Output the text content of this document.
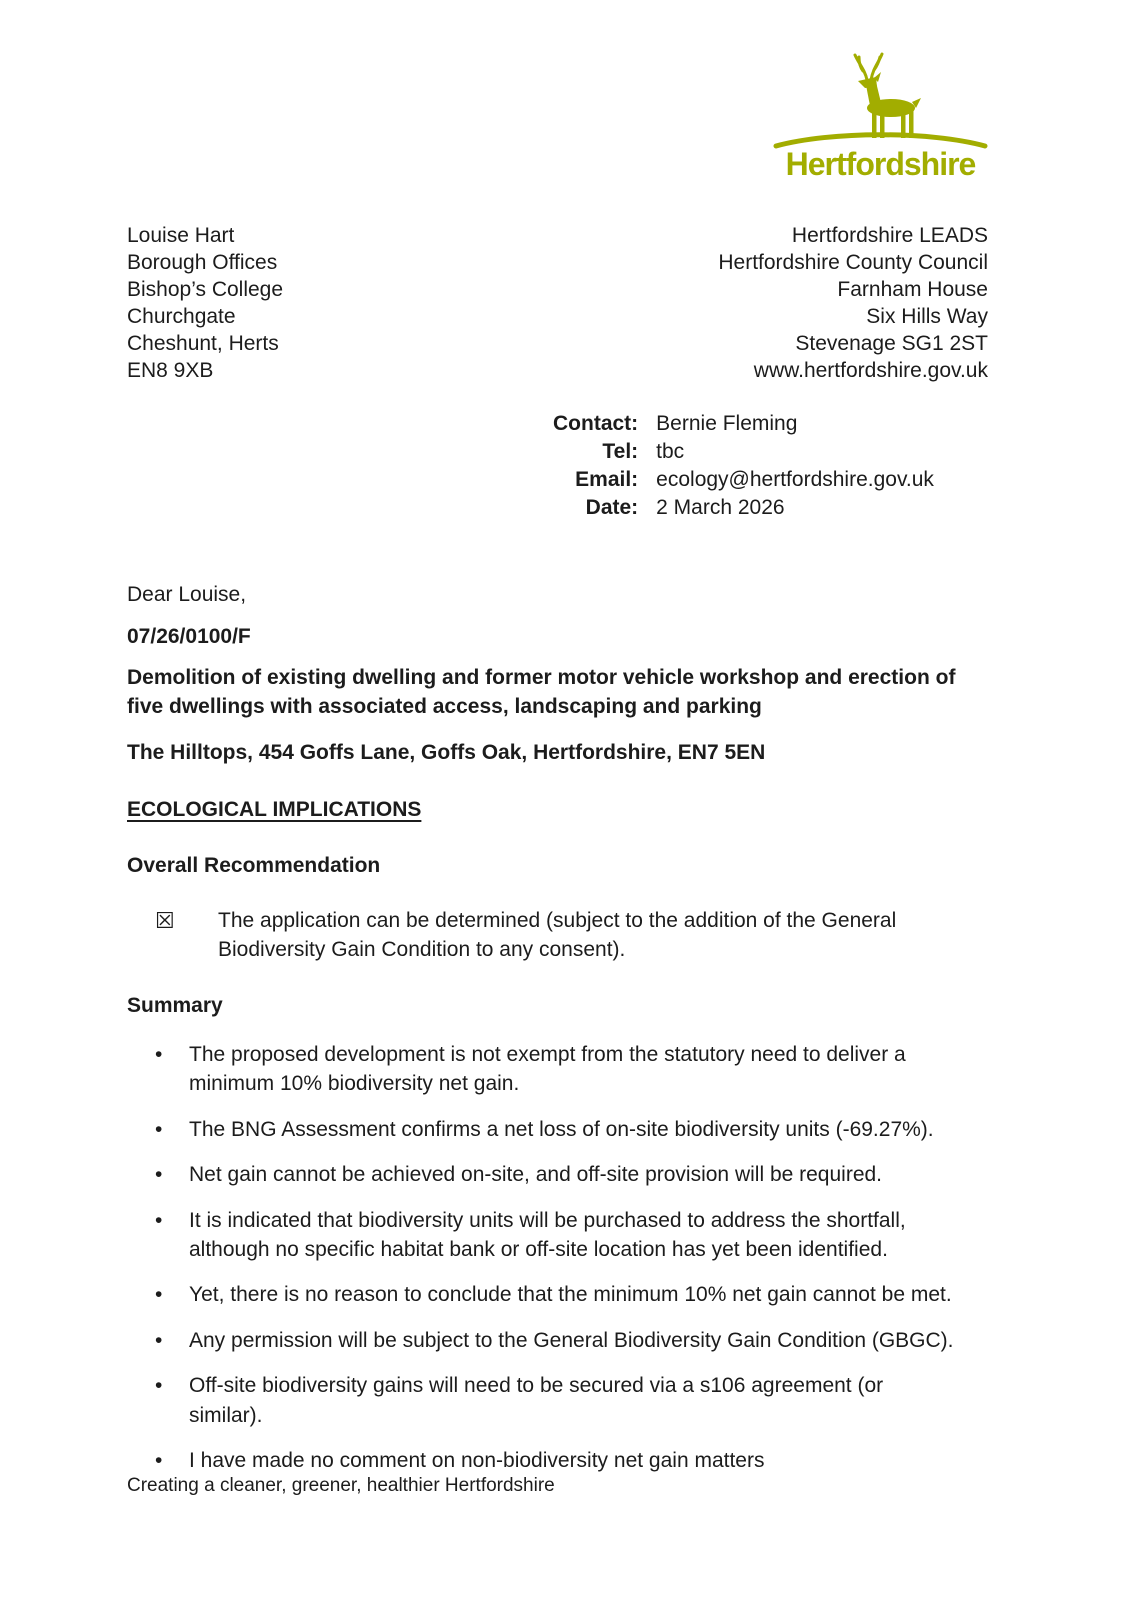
Hertfordshire
Louise Hart
Borough Offices
Bishop’s College
Churchgate
Cheshunt, Herts
EN8 9XB
Hertfordshire LEADS
Hertfordshire County Council
Farnham House
Six Hills Way
Stevenage SG1 2ST
www.hertfordshire.gov.uk
Contact: Bernie Fleming
Tel: tbc
Email: ecology@hertfordshire.gov.uk
Date: 2 March 2026

Dear Louise,

07/26/0100/F

Demolition of existing dwelling and former motor vehicle workshop and erection of five dwellings with associated access, landscaping and parking

The Hilltops, 454 Goffs Lane, Goffs Oak, Hertfordshire, EN7 5EN

ECOLOGICAL IMPLICATIONS
Overall Recommendation
☒	The application can be determined (subject to the addition of the General Biodiversity Gain Condition to any consent).
Summary
• The proposed development is not exempt from the statutory need to deliver a minimum 10% biodiversity net gain.
• The BNG Assessment confirms a net loss of on-site biodiversity units (-69.27%).
• Net gain cannot be achieved on-site, and off-site provision will be required.
• It is indicated that biodiversity units will be purchased to address the shortfall, although no specific habitat bank or off-site location has yet been identified.
• Yet, there is no reason to conclude that the minimum 10% net gain cannot be met.
• Any permission will be subject to the General Biodiversity Gain Condition (GBGC).
• Off-site biodiversity gains will need to be secured via a s106 agreement (or similar).
• I have made no comment on non-biodiversity net gain matters
Creating a cleaner, greener, healthier Hertfordshire
